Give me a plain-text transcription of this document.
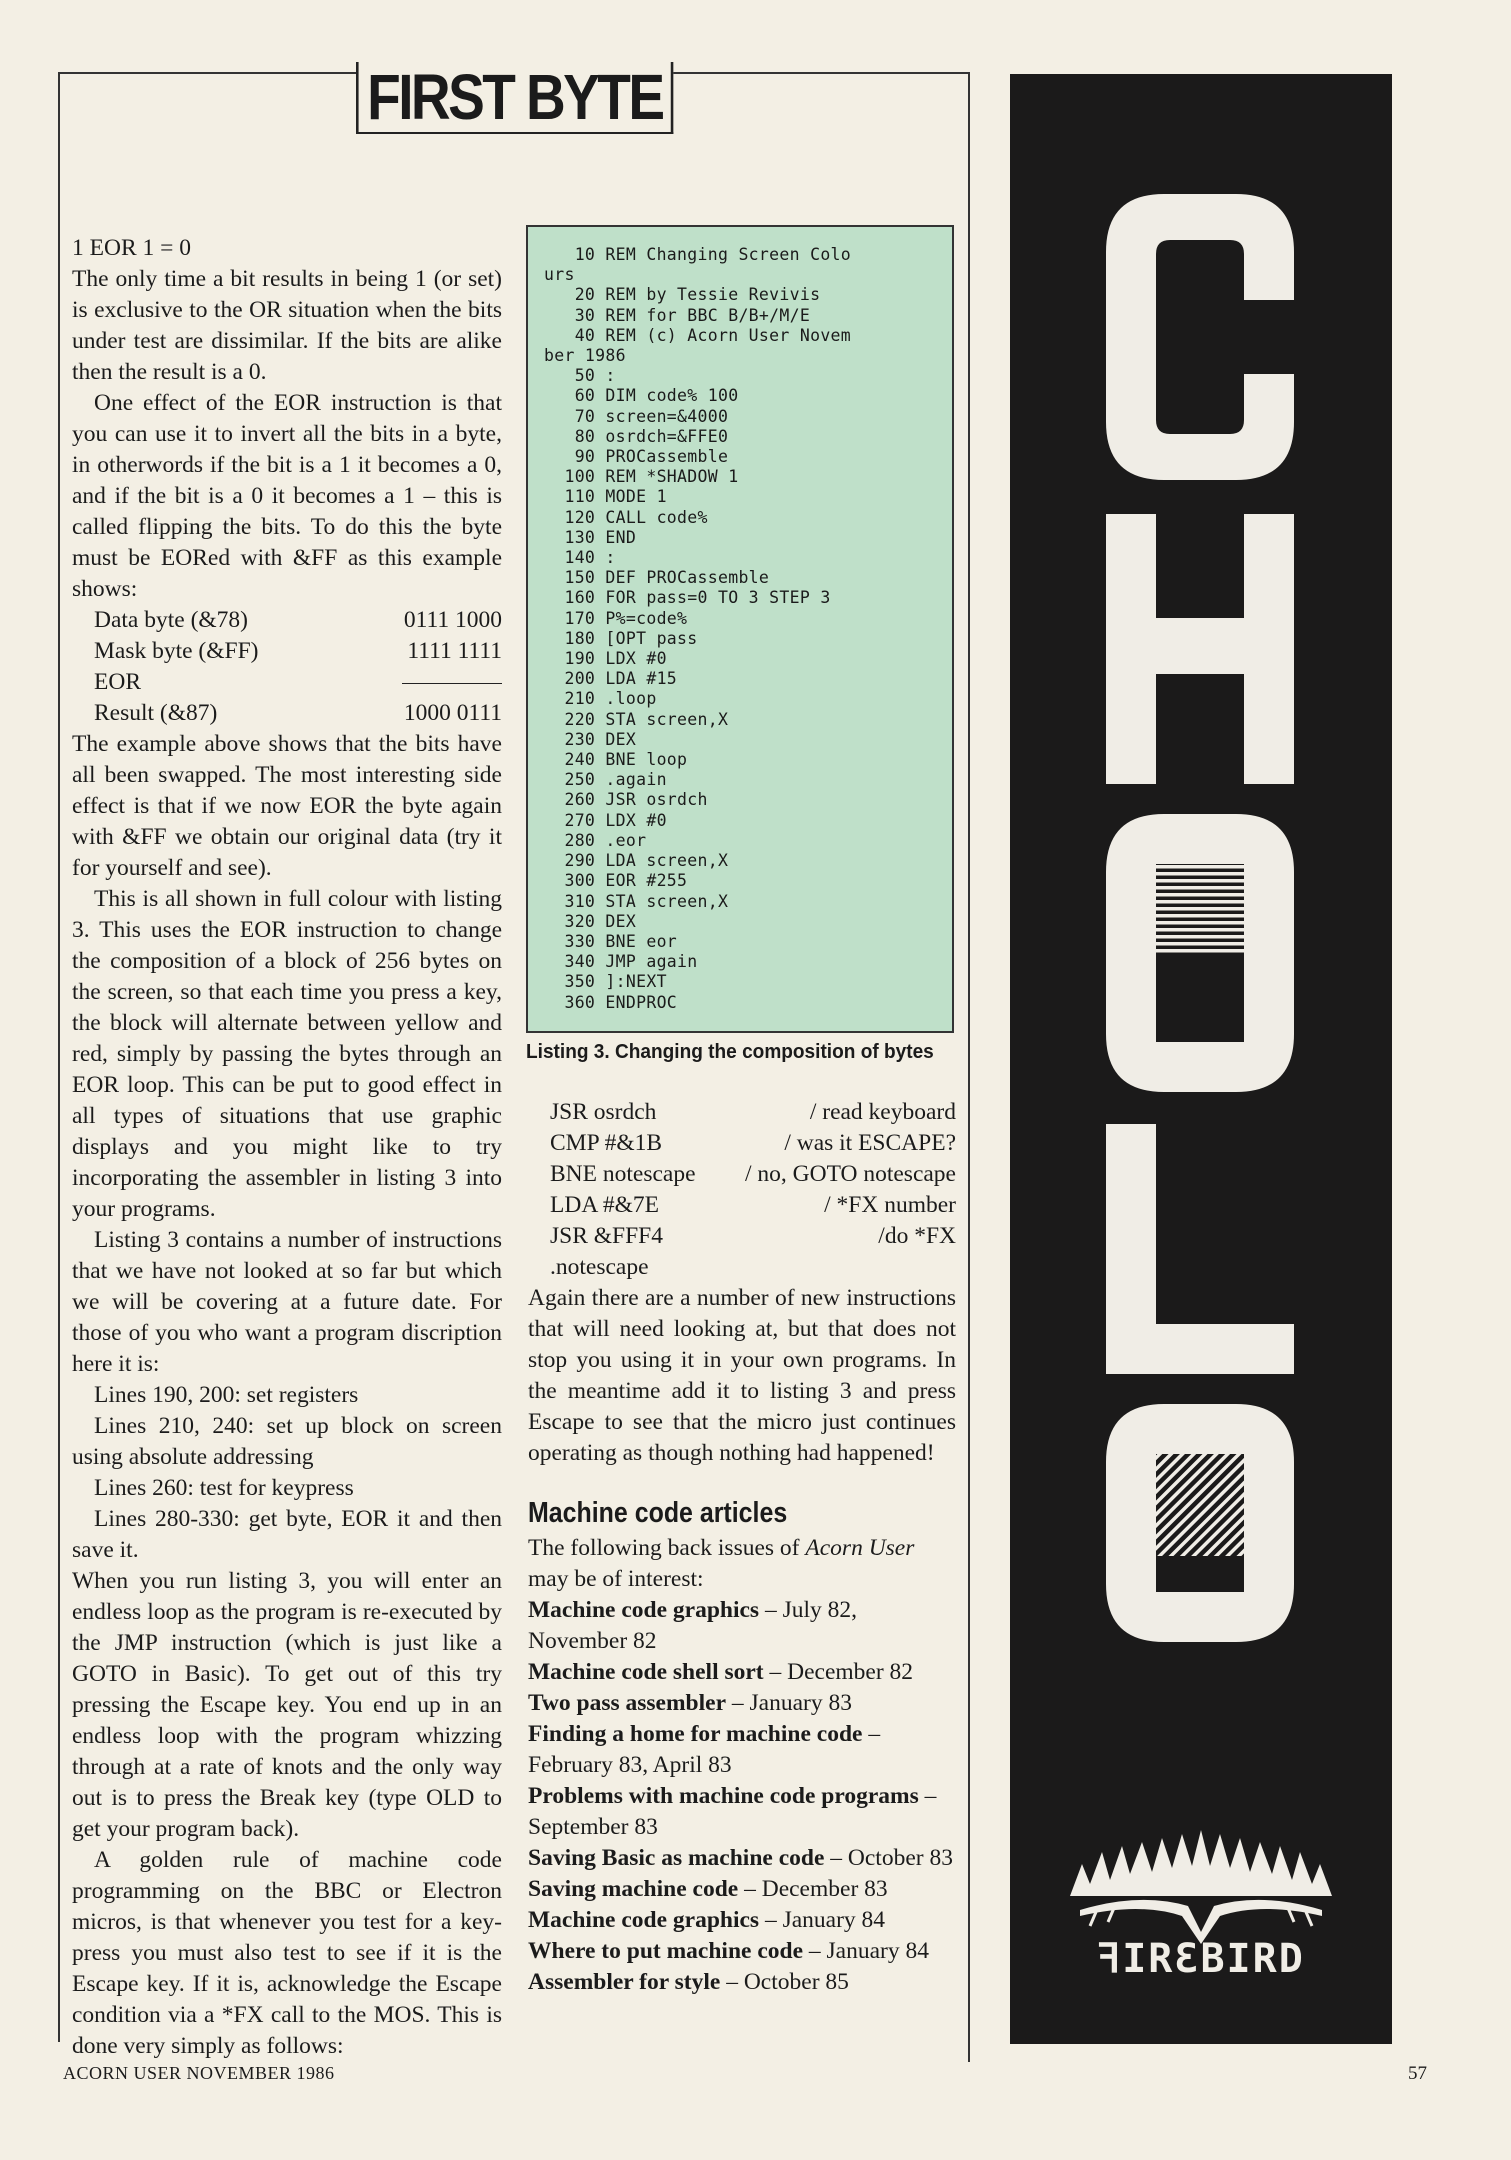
FIRST BYTE

1 EOR 1 = 0

The only time a bit results in being 1 (or set) is exclusive to the OR situation when the bits under test are dissimilar. If the bits are alike then the result is a 0.

One effect of the EOR instruction is that you can use it to invert all the bits in a byte, in otherwords if the bit is a 1 it becomes a 0, and if the bit is a 0 it becomes a 1 – this is called flipping the bits. To do this the byte must be EORed with &FF as this example shows:

Data byte (&78)	0111 1000
Mask byte (&FF)	1111 1111
EOR	
Result (&87)	1000 0111

The example above shows that the bits have all been swapped. The most interesting side effect is that if we now EOR the byte again with &FF we obtain our original data (try it for yourself and see).

This is all shown in full colour with listing 3. This uses the EOR instruction to change the composition of a block of 256 bytes on the screen, so that each time you press a key, the block will alternate between yellow and red, simply by passing the bytes through an EOR loop. This can be put to good effect in all types of situations that use graphic displays and you might like to try incorporating the assembler in listing 3 into your programs.

Listing 3 contains a number of instructions that we have not looked at so far but which we will be covering at a future date. For those of you who want a program discription here it is:

Lines 190, 200: set registers

Lines 210, 240: set up block on screen using absolute addressing

Lines 260: test for keypress

Lines 280-330: get byte, EOR it and then save it.

When you run listing 3, you will enter an endless loop as the program is re-executed by the JMP instruction (which is just like a GOTO in Basic). To get out of this try pressing the Escape key. You end up in an endless loop with the program whizzing through at a rate of knots and the only way out is to press the Break key (type OLD to get your program back).

A golden rule of machine code programming on the BBC or Electron micros, is that whenever you test for a key-press you must also test to see if it is the Escape key. If it is, acknowledge the Escape condition via a *FX call to the MOS. This is done very simply as follows:

10 REM Changing Screen Colo

urs

20 REM by Tessie Revivis

30 REM for BBC B/B+/M/E

40 REM (c) Acorn User Novem

ber 1986

50 :

60 DIM code% 100

70 screen=&4000

80 osrdch=&FFE0

90 PROCassemble

100 REM *SHADOW 1

110 MODE 1

120 CALL code%

130 END

140 :

150 DEF PROCassemble

160 FOR pass=0 TO 3 STEP 3

170 P%=code%

180 [OPT pass

190 LDX #0

200 LDA #15

210 .loop

220 STA screen,X

230 DEX

240 BNE loop

250 .again

260 JSR osrdch

270 LDX #0

280 .eor

290 LDA screen,X

300 EOR #255

310 STA screen,X

320 DEX

330 BNE eor

340 JMP again

350 ]:NEXT

360 ENDPROC

Listing 3. Changing the composition of bytes
JSR osrdch	/ read keyboard
CMP #&1B	/ was it ESCAPE?
BNE notescape	/ no, GOTO notescape
LDA #&7E	/ *FX number
JSR &FFF4	/do *FX
.notescape	

Again there are a number of new instructions that will need looking at, but that does not stop you using it in your own programs. In the meantime add it to listing 3 and press Escape to see that the micro just continues operating as though nothing had happened!

Machine code articles

The following back issues of Acorn User may be of interest:

Machine code graphics – July 82, November 82

Machine code shell sort – December 82

Two pass assembler – January 83

Finding a home for machine code – February 83, April 83

Problems with machine code programs – September 83

Saving Basic as machine code – October 83

Saving machine code – December 83

Machine code graphics – January 84

Where to put machine code – January 84

Assembler for style – October 85

ACORN USER NOVEMBER 1986	57
ꟻIRƐBIRD
